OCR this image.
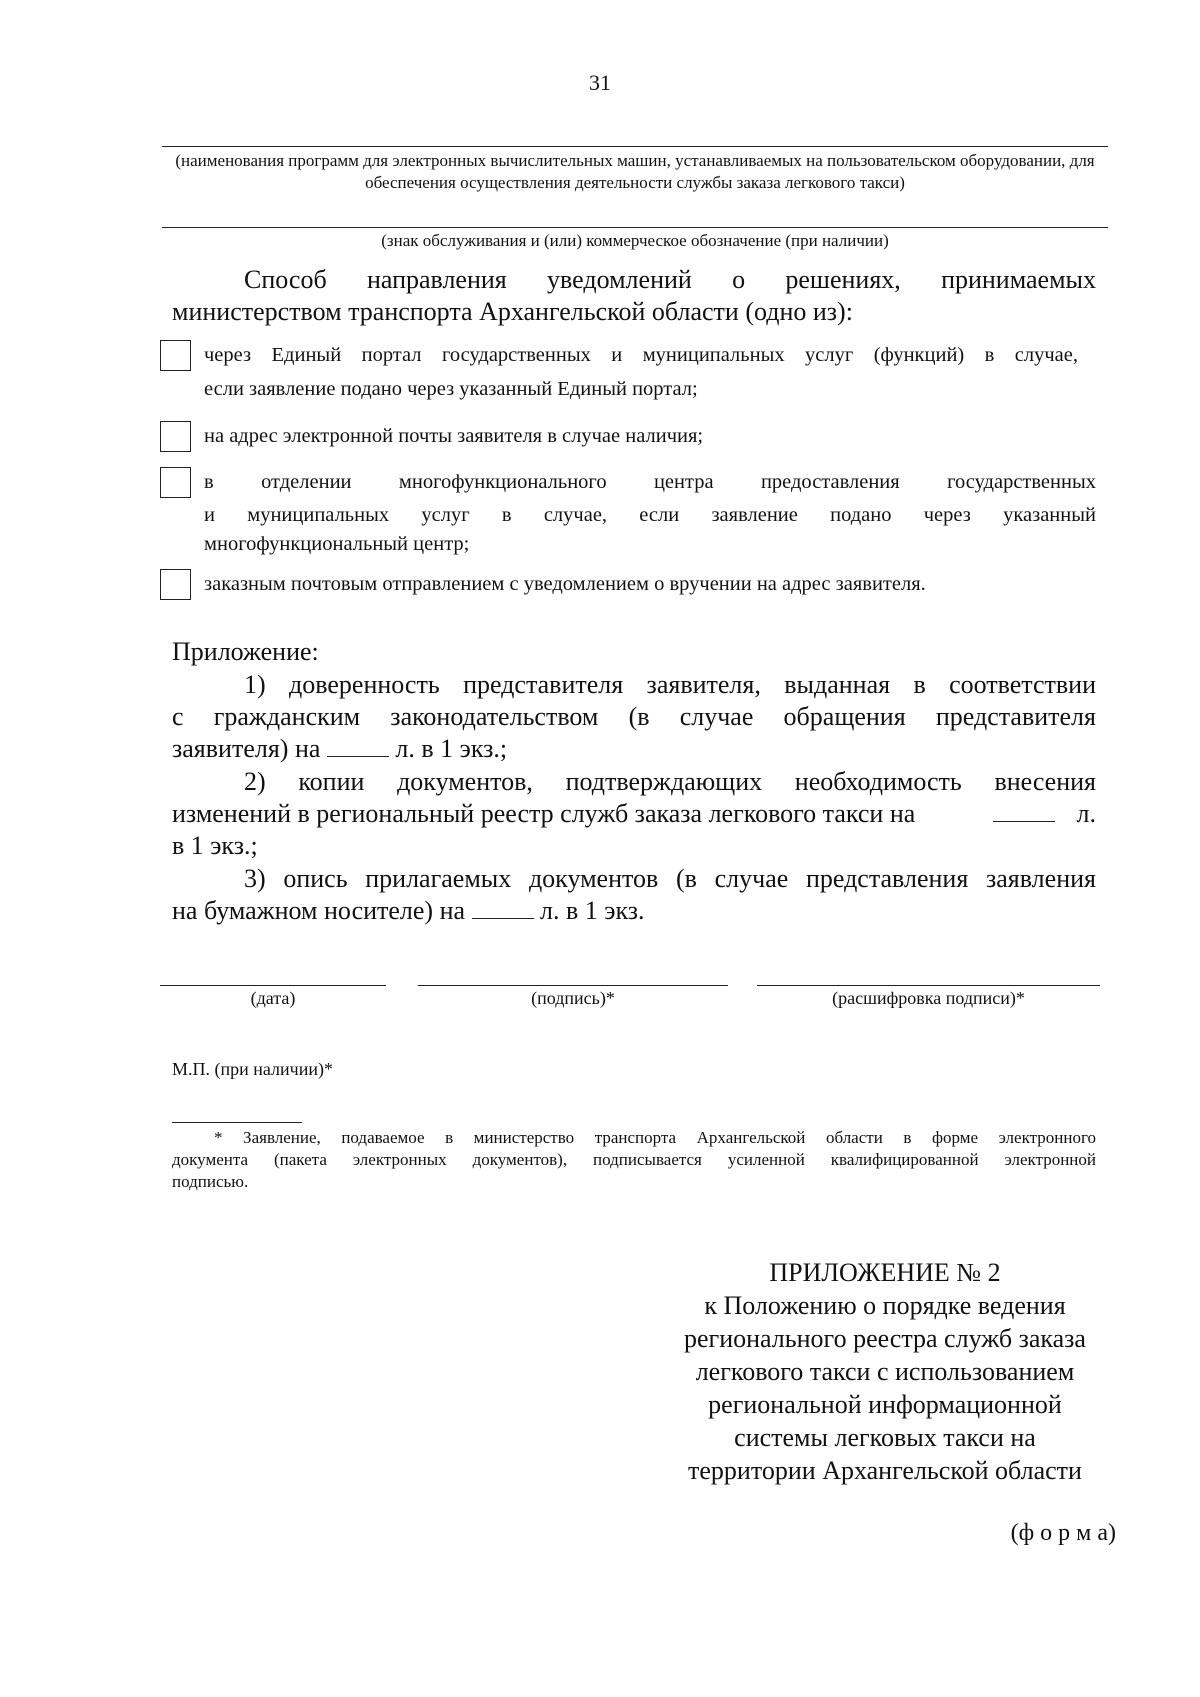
31
(наименования программ для электронных вычислительных машин, устанавливаемых на пользовательском оборудовании, для обеспечения осуществления деятельности службы заказа легкового такси)
(знак обслуживания и (или) коммерческое обозначение (при наличии)
Способ направления уведомлений о решениях, принимаемых
министерством транспорта Архангельской области (одно из):
через Единый портал государственных и муниципальных услуг (функций) в случае,
если заявление подано через указанный Единый портал;
на адрес электронной почты заявителя в случае наличия;
в отделении многофункционального центра предоставления государственных
и муниципальных услуг в случае, если заявление подано через указанный
многофункциональный центр;
заказным почтовым отправлением с уведомлением о вручении на адрес заявителя.
Приложение:
1) доверенность представителя заявителя, выданная в соответствии
с гражданским законодательством (в случае обращения представителя
заявителя) на	л. в 1 экз.;
2) копии документов, подтверждающих необходимость внесения
изменений в региональный реестр служб заказа легкового такси на	л.
в 1 экз.;
3) опись прилагаемых документов (в случае представления заявления
на бумажном носителе) на	л. в 1 экз.
(дата)	(подпись)*	(расшифровка подписи)*
М.П. (при наличии)*
* Заявление, подаваемое в министерство транспорта Архангельской области в форме электронного
документа (пакета электронных документов), подписывается усиленной квалифицированной электронной
подписью.
ПРИЛОЖЕНИЕ № 2
к Положению о порядке ведения
регионального реестра служб заказа
легкового такси с использованием
региональной информационной
системы легковых такси на
территории Архангельской области
(ф о р м а)
